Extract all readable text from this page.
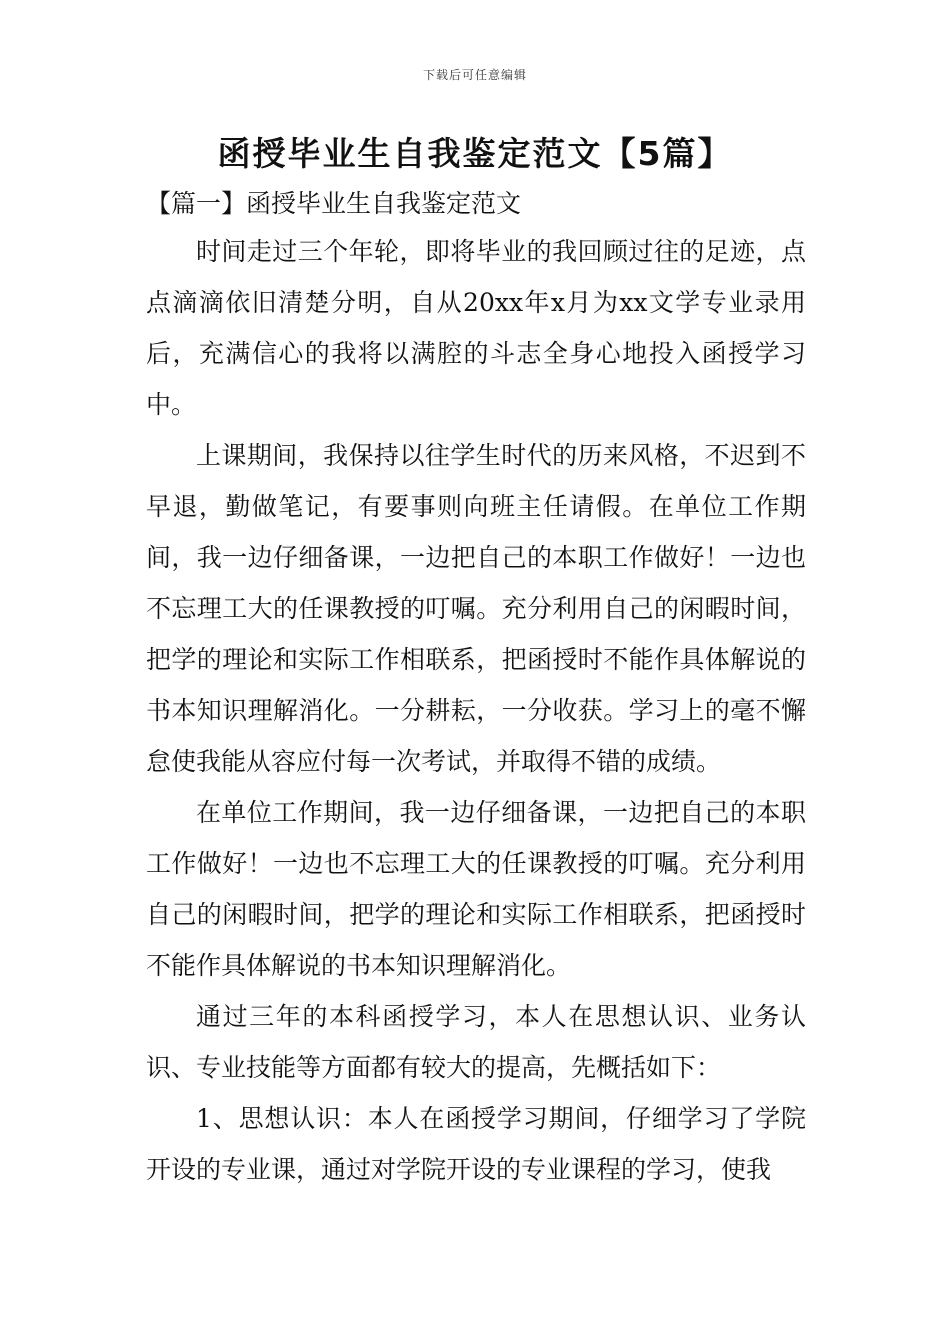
下载后可任意编辑
函授毕业生自我鉴定范文【5篇】
【篇一】函授毕业生自我鉴定范文

时间走过三个年轮，即将毕业的我回顾过往的足迹，点点滴滴依旧清楚分明，自从20xx年x月为xx文学专业录用后，充满信心的我将以满腔的斗志全身心地投入函授学习中。

上课期间，我保持以往学生时代的历来风格，不迟到不早退，勤做笔记，有要事则向班主任请假。在单位工作期间，我一边仔细备课，一边把自己的本职工作做好！一边也不忘理工大的任课教授的叮嘱。充分利用自己的闲暇时间，把学的理论和实际工作相联系，把函授时不能作具体解说的书本知识理解消化。一分耕耘，一分收获。学习上的毫不懈怠使我能从容应付每一次考试，并取得不错的成绩。

在单位工作期间，我一边仔细备课，一边把自己的本职工作做好！一边也不忘理工大的任课教授的叮嘱。充分利用自己的闲暇时间，把学的理论和实际工作相联系，把函授时不能作具体解说的书本知识理解消化。

通过三年的本科函授学习，本人在思想认识、业务认识、专业技能等方面都有较大的提高，先概括如下：

1、思想认识：本人在函授学习期间，仔细学习了学院开设的专业课，通过对学院开设的专业课程的学习，使我
